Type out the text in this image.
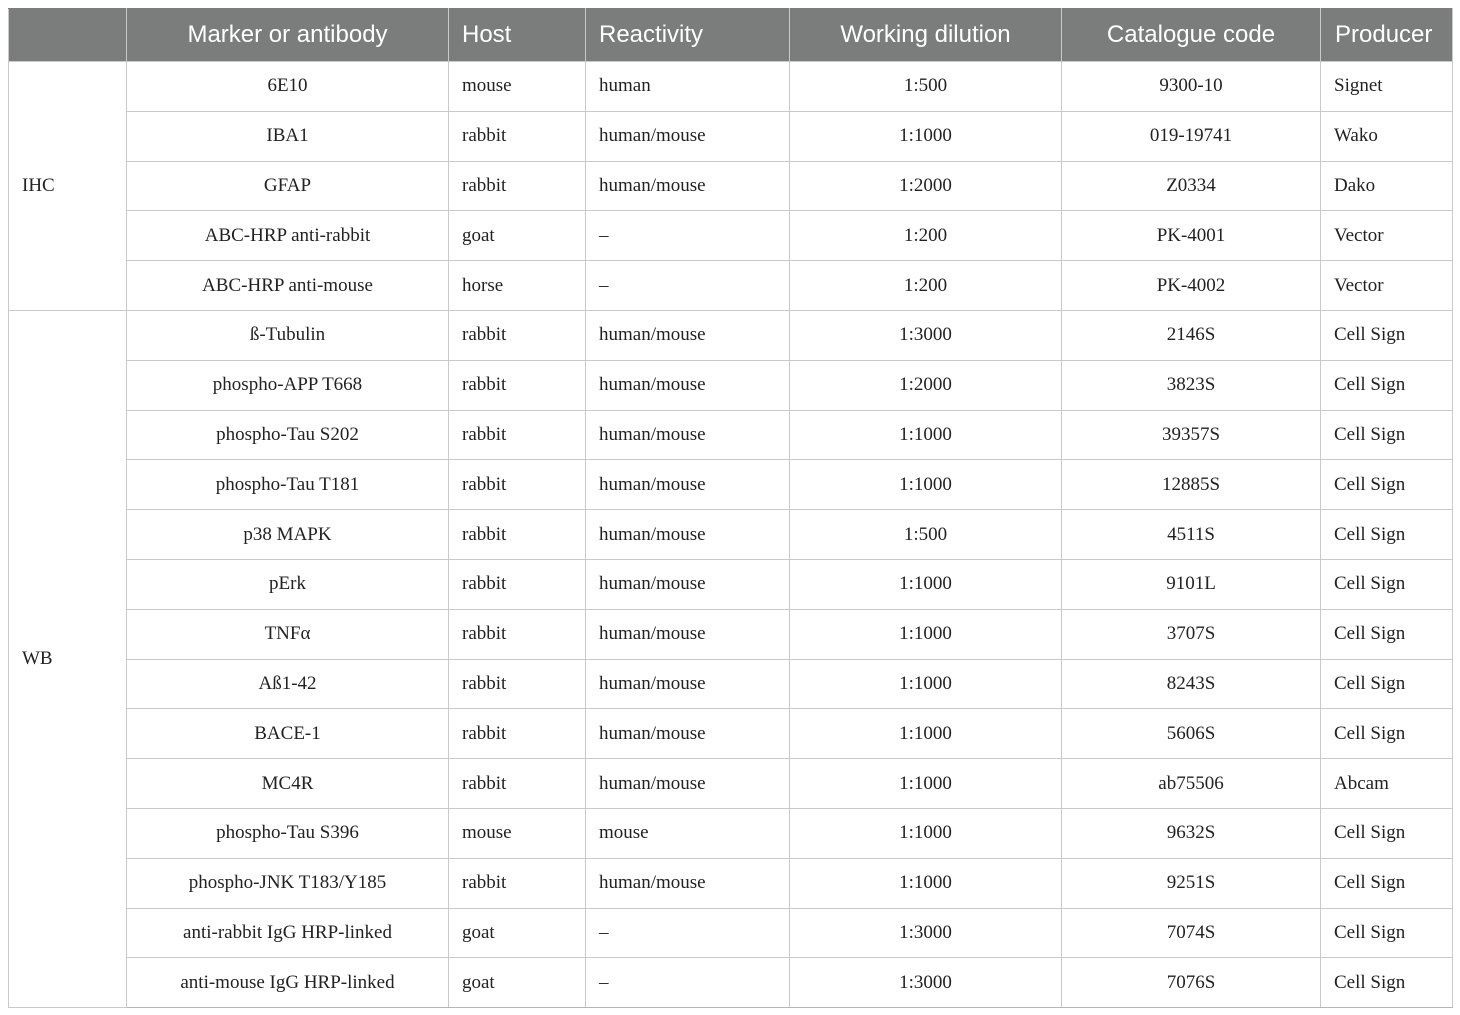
	Marker or antibody	Host	Reactivity	Working dilution	Catalogue code	Producer
IHC	6E10	mouse	human	1:500	9300-10	Signet
	IBA1	rabbit	human/mouse	1:1000	019-19741	Wako
	GFAP	rabbit	human/mouse	1:2000	Z0334	Dako
	ABC-HRP anti-rabbit	goat	–	1:200	PK-4001	Vector
	ABC-HRP anti-mouse	horse	–	1:200	PK-4002	Vector
WB	ß-Tubulin	rabbit	human/mouse	1:3000	2146S	Cell Sign
	phospho-APP T668	rabbit	human/mouse	1:2000	3823S	Cell Sign
	phospho-Tau S202	rabbit	human/mouse	1:1000	39357S	Cell Sign
	phospho-Tau T181	rabbit	human/mouse	1:1000	12885S	Cell Sign
	p38 MAPK	rabbit	human/mouse	1:500	4511S	Cell Sign
	pErk	rabbit	human/mouse	1:1000	9101L	Cell Sign
	TNFα	rabbit	human/mouse	1:1000	3707S	Cell Sign
	Aß1-42	rabbit	human/mouse	1:1000	8243S	Cell Sign
	BACE-1	rabbit	human/mouse	1:1000	5606S	Cell Sign
	MC4R	rabbit	human/mouse	1:1000	ab75506	Abcam
	phospho-Tau S396	mouse	mouse	1:1000	9632S	Cell Sign
	phospho-JNK T183/Y185	rabbit	human/mouse	1:1000	9251S	Cell Sign
	anti-rabbit IgG HRP-linked	goat	–	1:3000	7074S	Cell Sign
	anti-mouse IgG HRP-linked	goat	–	1:3000	7076S	Cell Sign
